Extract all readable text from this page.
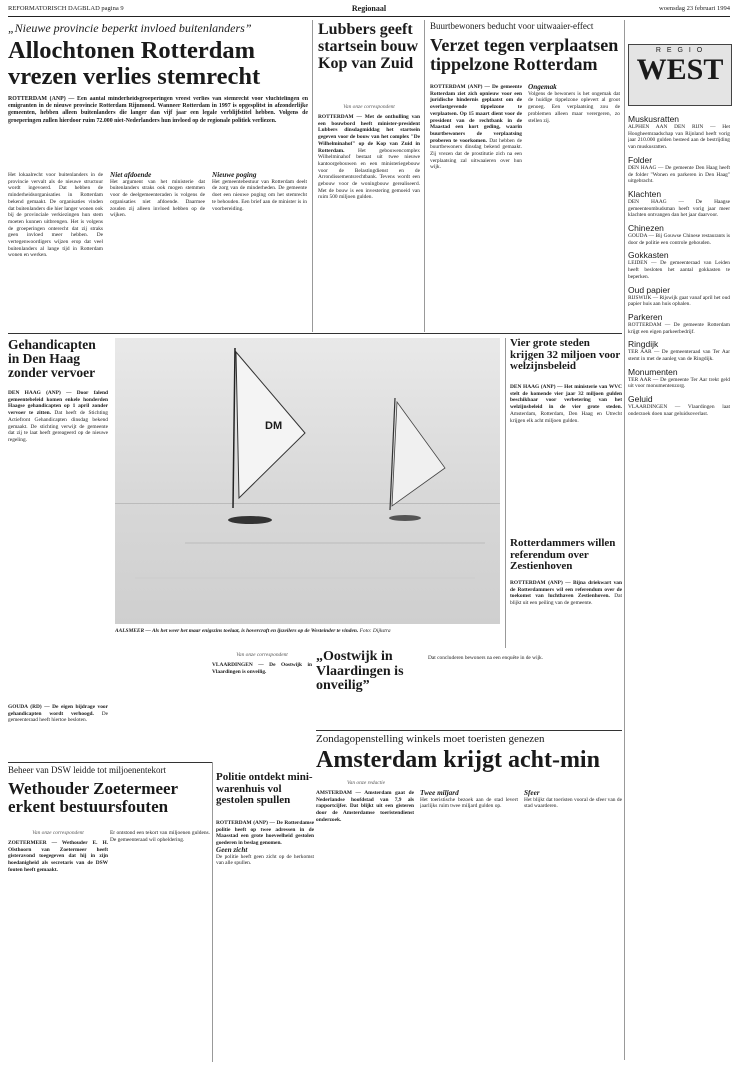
REFORMATORISCH DAGBLAD pagina 9	Regionaal	woensdag 23 februari 1994
„Nieuwe provincie beperkt invloed buitenlanders”
Allochtonen Rotterdam vrezen verlies stemrecht
ROTTERDAM (ANP) — Een aantal minderheidsgroeperingen vreest verlies van stemrecht voor vluchtelingen en emigranten in de nieuwe provincie Rotterdam Rijnmond. Wanneer Rotterdam in 1997 is opgesplitst in afzonderlijke gemeenten, hebben alleen buitenlanders die langer dan vijf jaar een legale verblijfstitel hebben. Volgens de groeperingen zullen hierdoor ruim 72.000 niet-Nederlanders hun invloed op de regionale politiek verliezen.
Het lokaalrecht voor buitenlanders in de provincie vervalt als de nieuwe structuur wordt ingevoerd. Dat hebben de minderheidsorganisaties in Rotterdam bekend gemaakt. De organisaties vinden dat buitenlanders die hier langer wonen ook bij de provinciale verkiezingen hun stem moeten kunnen uitbrengen. Het is volgens de groeperingen onterecht dat zij straks geen invloed meer hebben. De vertegenwoordigers wijzen erop dat veel buitenlanders al lange tijd in Rotterdam wonen en werken.
Niet afdoende
Het argument van het ministerie dat buitenlanders straks ook mogen stemmen voor de deelgemeenteraden is volgens de organisaties niet afdoende. Daarmee zouden zij alleen invloed hebben op de wijken.
Nieuwe poging
Het gemeentebestuur van Rotterdam deelt de zorg van de minderheden. De gemeente doet een nieuwe poging om het stemrecht te behouden. Een brief aan de minister is in voorbereiding.
Lubbers geeft startsein bouw Kop van Zuid
Van onze correspondent
ROTTERDAM — Met de onthulling van een bouwbord heeft minister-president Lubbers dinsdagmiddag het startsein gegeven voor de bouw van het complex "De Wilhelminahof" op de Kop van Zuid in Rotterdam.	Het gebouwencomplex Wilhelminahof bestaat uit twee nieuwe kantoorgebouwen en een ministeriegebouw voor de Belastingdienst en de Arrondissementsrechtbank. Tevens wordt een gebouw voor de woningbouw gerealiseerd. Met de bouw is een investering gemoeid van ruim 500 miljoen gulden.
Buurtbewoners beducht voor uitwaaier-effect
Verzet tegen verplaatsen tippelzone Rotterdam
ROTTERDAM (ANP) — De gemeente Rotterdam ziet zich opnieuw voor een juridische hindernis geplaatst om de overlastgevende tippelzone te verplaatsen. Op 15 maart dient voor de president van de rechtbank in de Maastad een kort geding, waarin buurtbewoners de verplaatsing proberen te voorkomen. Dat hebben de buurtbewoners dinsdag bekend gemaakt. Zij vrezen dat de prostitutie zich na een verplaatsing zal uitwaaieren over hun wijk.
Ongemak
Volgens de bewoners is het ongemak dat de huidige tippelzone oplevert al groot genoeg. Een verplaatsing zou de problemen alleen maar verergeren, zo stellen zij.
R E G I O
WEST
Muskusratten
ALPHEN AAN DEN RIJN — Het Hoogheemraadschap van Rijnland heeft vorig jaar 210.000 gulden besteed aan de bestrijding van muskusratten.
Folder
DEN HAAG — De gemeente Den Haag heeft de folder "Wonen en parkeren in Den Haag" uitgebracht.
Klachten
DEN HAAG — De Haagse gemeenteombudsman heeft vorig jaar meer klachten ontvangen dan het jaar daarvoor.
Chinezen
GOUDA — Bij Gouwse Chinese restaurants is door de politie een controle gehouden.
Gokkasten
LEIDEN — De gemeenteraad van Leiden heeft besloten het aantal gokkasten te beperken.
Oud papier
RIJSWIJK — Rijswijk gaat vanaf april het oud papier huis aan huis ophalen.
Parkeren
ROTTERDAM — De gemeente Rotterdam krijgt een eigen parkeerbedrijf.
Ringdijk
TER AAR — De gemeenteraad van Ter Aar stemt in met de aanleg van de Ringdijk.
Monumenten
TER AAR — De gemeente Ter Aar trekt geld uit voor monumentenzorg.
Geluid
VLAARDINGEN — Vlaardingen laat onderzoek doen naar geluidsoverlast.
Gehandicapten in Den Haag zonder vervoer
DEN HAAG (ANP) — Door falend gemeentebeleid komen enkele honderden Haagse gehandicapten op 1 april zonder vervoer te zitten. Dat heeft de Stichting Actiefront Gehandicapten dinsdag bekend gemaakt. De stichting verwijt de gemeente dat zij te laat heeft gereageerd op de nieuwe regeling.
GOUDA (RD) — De eigen bijdrage voor gehandicapten wordt verhoogd. De gemeenteraad heeft hiertoe besloten.
DM
AALSMEER — Als het weer het maar enigszins toelaat, is hovercraft en ijszeilers op de Westeinder te vinden. Foto: Dijkstra
Vier grote steden krijgen 32 miljoen voor welzijnsbeleid
DEN HAAG (ANP) — Het ministerie van WVC stelt de komende vier jaar 32 miljoen gulden beschikbaar voor verbetering van het welzijnsbeleid in de vier grote steden. Amsterdam, Rotterdam, Den Haag en Utrecht krijgen elk acht miljoen gulden.
Rotterdammers willen referendum over Zestienhoven
ROTTERDAM (ANP) — Bijna driekwart van de Rotterdammers wil een referendum over de toekomst van luchthaven Zestienhoven. Dat blijkt uit een peiling van de gemeente.
Van onze correspondent	„Oostwijk in Vlaardingen is onveilig”
VLAARDINGEN — De Oostwijk in Vlaardingen is onveilig.
Dat concluderen bewoners na een enquête in de wijk.
Beheer van DSW leidde tot miljoenentekort
Wethouder Zoetermeer erkent bestuursfouten
Van onze correspondent
ZOETERMEER — Wethouder E. H. Olsthoorn van Zoetermeer heeft gisteravond toegegeven dat hij in zijn hoedanigheid als secretaris van de DSW fouten heeft gemaakt.
Er ontstond een tekort van miljoenen guldens. De gemeenteraad wil opheldering.
Politie ontdekt mini-warenhuis vol gestolen spullen
ROTTERDAM (ANP) — De Rotterdamse politie heeft op twee adressen in de Maasstad een grote hoeveelheid gestolen goederen in beslag genomen.
Geen zicht
De politie heeft geen zicht op de herkomst van alle spullen.
Zondagopenstelling winkels moet toeristen genezen
Amsterdam krijgt acht-min
Van onze redactie
AMSTERDAM — Amsterdam gaat de Nederlandse hoofdstad van 7,9 als rapportcijfer. Dat blijkt uit een gisteren door de Amsterdamse toeristendienst onderzoek.
Twee miljard
Het toeristische bezoek aan de stad levert jaarlijks ruim twee miljard gulden op.
Sfeer
Het blijkt dat toeristen vooral de sfeer van de stad waarderen.
